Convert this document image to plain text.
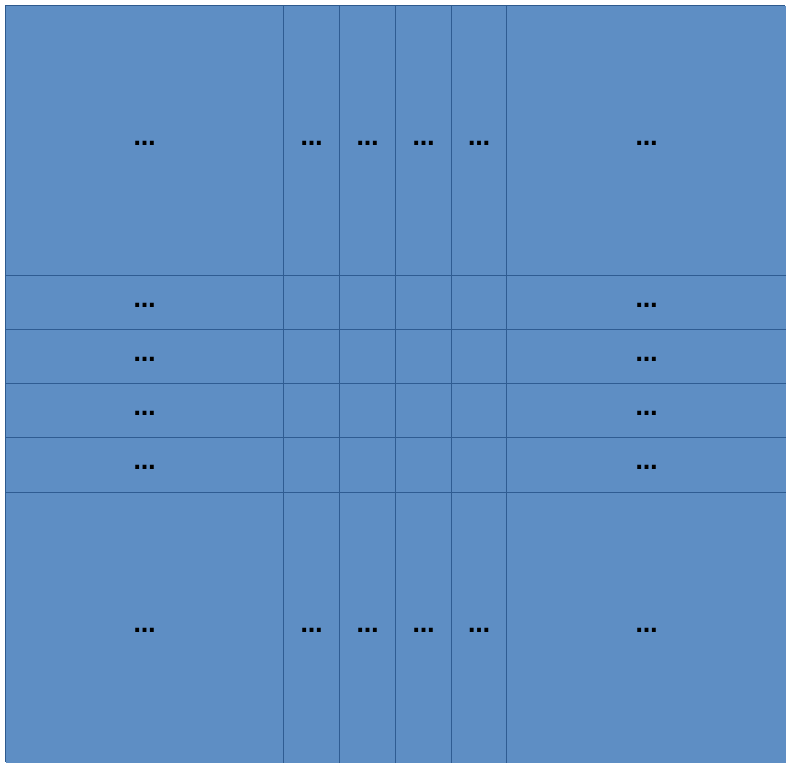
…	… … … …	…
…	…
…	…
…	…
…	…
…	… … … …	…
